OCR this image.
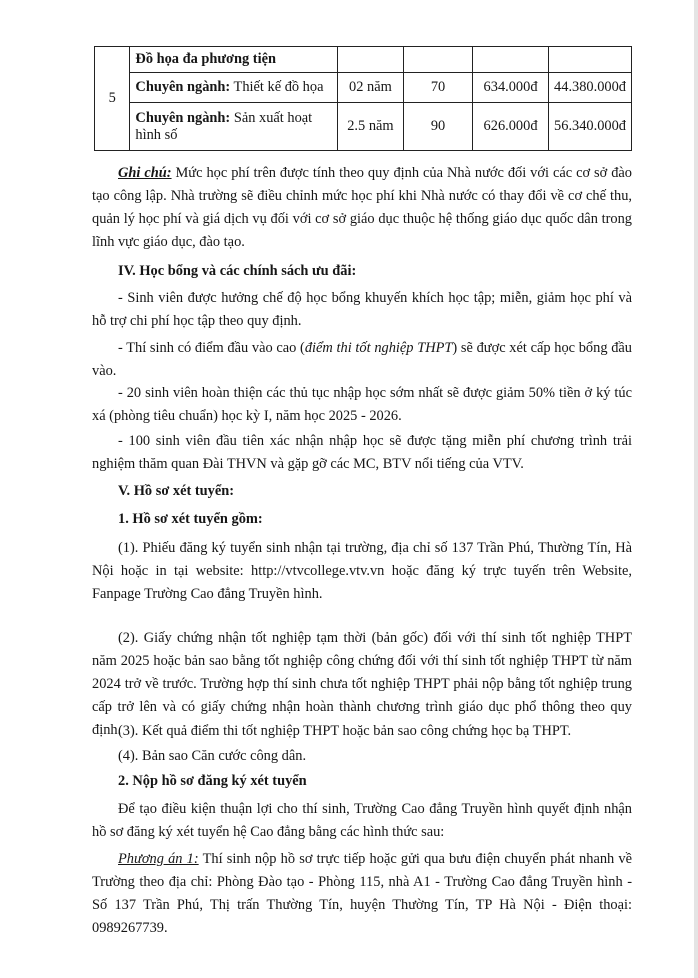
5	Đồ họa đa phương tiện				
	Chuyên ngành: Thiết kế đồ họa	02 năm	70	634.000đ	44.380.000đ
	Chuyên ngành: Sản xuất hoạt hình số	2.5 năm	90	626.000đ	56.340.000đ
Ghi chú: Mức học phí trên được tính theo quy định của Nhà nước đối với các cơ sở đào tạo công lập. Nhà trường sẽ điều chỉnh mức học phí khi Nhà nước có thay đổi về cơ chế thu, quản lý học phí và giá dịch vụ đối với cơ sở giáo dục thuộc hệ thống giáo dục quốc dân trong lĩnh vực giáo dục, đào tạo.
IV. Học bổng và các chính sách ưu đãi:
- Sinh viên được hưởng chế độ học bổng khuyến khích học tập; miễn, giảm học phí và hỗ trợ chi phí học tập theo quy định.
- Thí sinh có điểm đầu vào cao (điểm thi tốt nghiệp THPT) sẽ được xét cấp học bổng đầu vào.
- 20 sinh viên hoàn thiện các thủ tục nhập học sớm nhất sẽ được giảm 50% tiền ở ký túc xá (phòng tiêu chuẩn) học kỳ I, năm học 2025 - 2026.
- 100 sinh viên đầu tiên xác nhận nhập học sẽ được tặng miễn phí chương trình trải nghiệm thăm quan Đài THVN và gặp gỡ các MC, BTV nổi tiếng của VTV.
V. Hồ sơ xét tuyển:
1. Hồ sơ xét tuyển gồm:
(1). Phiếu đăng ký tuyển sinh nhận tại trường, địa chỉ số 137 Trần Phú, Thường Tín, Hà Nội hoặc in tại website: http://vtvcollege.vtv.vn hoặc đăng ký trực tuyến trên Website, Fanpage Trường Cao đẳng Truyền hình.
(2). Giấy chứng nhận tốt nghiệp tạm thời (bản gốc) đối với thí sinh tốt nghiệp THPT năm 2025 hoặc bản sao bằng tốt nghiệp công chứng đối với thí sinh tốt nghiệp THPT từ năm 2024 trở về trước. Trường hợp thí sinh chưa tốt nghiệp THPT phải nộp bằng tốt nghiệp trung cấp trở lên và có giấy chứng nhận hoàn thành chương trình giáo dục phổ thông theo quy định.
(3). Kết quả điểm thi tốt nghiệp THPT hoặc bản sao công chứng học bạ THPT.
(4). Bản sao Căn cước công dân.
2. Nộp hồ sơ đăng ký xét tuyển
Để tạo điều kiện thuận lợi cho thí sinh, Trường Cao đẳng Truyền hình quyết định nhận hồ sơ đăng ký xét tuyển hệ Cao đẳng bằng các hình thức sau:
Phương án 1: Thí sinh nộp hồ sơ trực tiếp hoặc gửi qua bưu điện chuyển phát nhanh về Trường theo địa chỉ: Phòng Đào tạo - Phòng 115, nhà A1 - Trường Cao đẳng Truyền hình - Số 137 Trần Phú, Thị trấn Thường Tín, huyện Thường Tín, TP Hà Nội - Điện thoại: 0989267739.
